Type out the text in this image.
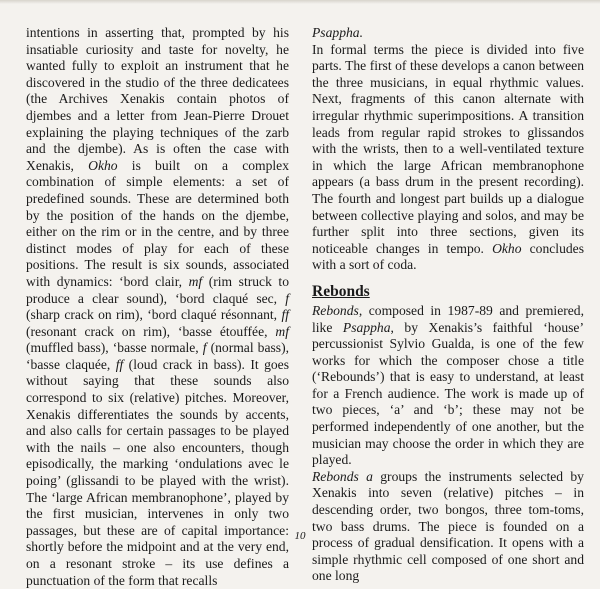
intentions in asserting that, prompted by his insatiable curiosity and taste for novelty, he wanted fully to exploit an instrument that he discovered in the studio of the three dedicatees (the Archives Xenakis contain photos of djembes and a letter from Jean-Pierre Drouet explaining the playing techniques of the zarb and the djembe). As is often the case with Xenakis, Okho is built on a complex combination of simple elements: a set of predefined sounds. These are determined both by the position of the hands on the djembe, either on the rim or in the centre, and by three distinct modes of play for each of these positions. The result is six sounds, associated with dynamics: ‘bord clair, mf (rim struck to produce a clear sound), ‘bord claqué sec, f (sharp crack on rim), ‘bord claqué résonnant, ff (resonant crack on rim), ‘basse étouffée, mf (muffled bass), ‘basse normale, f (normal bass), ‘basse claquée, ff (loud crack in bass). It goes without saying that these sounds also correspond to six (relative) pitches. Moreover, Xenakis differentiates the sounds by accents, and also calls for certain passages to be played with the nails – one also encounters, though episodically, the marking ‘ondulations avec le poing’ (glissandi to be played with the wrist). The ‘large African membranophone’, played by the first musician, intervenes in only two passages, but these are of capital importance: shortly before the midpoint and at the very end, on a resonant stroke – its use defines a punctuation of the form that recalls

Psappha.

In formal terms the piece is divided into five parts. The first of these develops a canon between the three musicians, in equal rhythmic values. Next, fragments of this canon alternate with irregular rhythmic superimpositions. A transition leads from regular rapid strokes to glissandos with the wrists, then to a well-ventilated texture in which the large African membranophone appears (a bass drum in the present recording). The fourth and longest part builds up a dialogue between collective playing and solos, and may be further split into three sections, given its noticeable changes in tempo. Okho concludes with a sort of coda.

Rebonds

Rebonds, composed in 1987-89 and premiered, like Psappha, by Xenakis’s faithful ‘house’ percussionist Sylvio Gualda, is one of the few works for which the composer chose a title (‘Rebounds’) that is easy to understand, at least for a French audience. The work is made up of two pieces, ‘a’ and ‘b’; these may not be performed independently of one another, but the musician may choose the order in which they are played.

Rebonds a groups the instruments selected by Xenakis into seven (relative) pitches – in descending order, two bongos, three tom-toms, two bass drums. The piece is founded on a process of gradual densification. It opens with a simple rhythmic cell composed of one short and one long

10
